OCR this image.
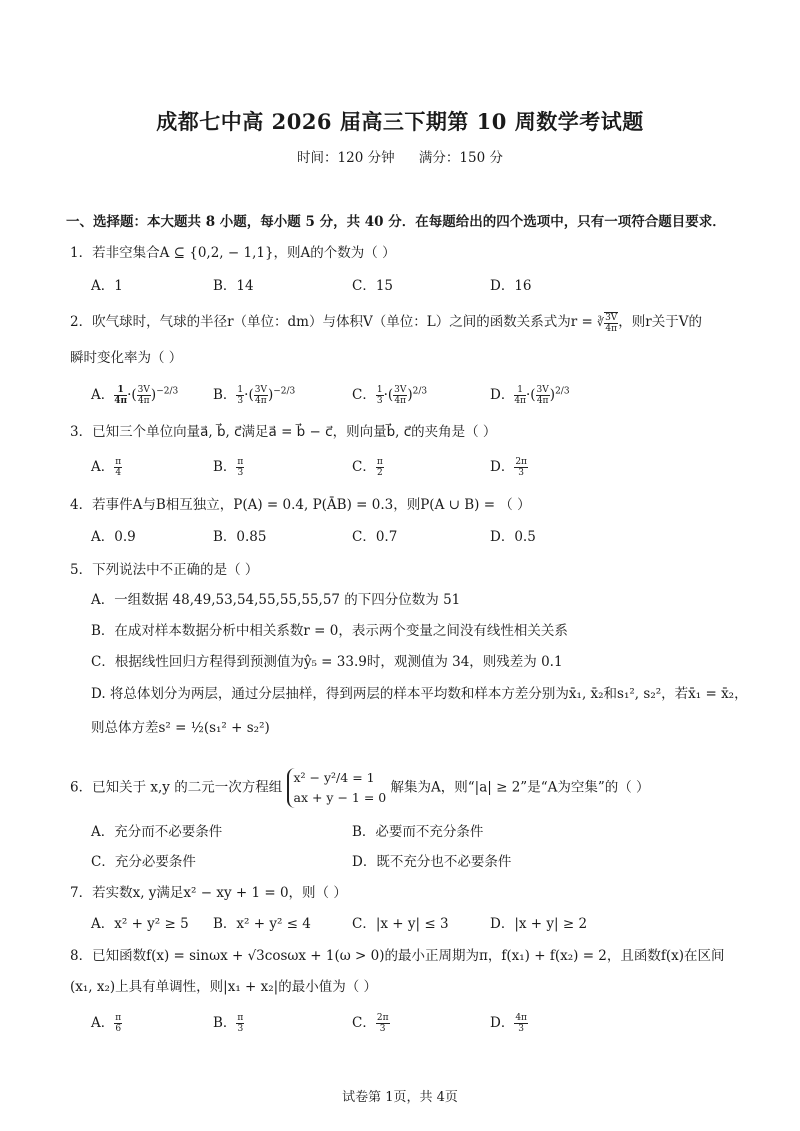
成都七中高 2026 届高三下期第 10 周数学考试题
时间：120 分钟 满分：150 分
一、选择题：本大题共 8 小题，每小题 5 分，共 40 分．在每题给出的四个选项中，只有一项符合题目要求．
1．若非空集合A ⊆ {0,2, − 1,1}，则A的个数为（ ）
A．1	B．14	C．15	D．16
2．吹气球时，气球的半径r（单位：dm）与体积V（单位：L）之间的函数关系式为r = ∛ $\frac{3V}{4\pi}$ ，则r关于V的
瞬时变化率为（ ）
A． $\frac{1}{4\pi}$ ·( $\frac{3V}{4\pi} )^{-2/3}$	B． $\frac{1}{3}$ ·( $\frac{3V}{4\pi} )^{-2/3}$	C． $\frac{1}{3}$ ·( $\frac{3V}{4\pi} )^{2/3}$	D． $\frac{1}{4\pi}$ ·( $\frac{3V}{4\pi} )^{2/3}$
3．已知三个单位向量a⃗, b⃗, c⃗满足a⃗ = b⃗ − c⃗，则向量b⃗, c⃗的夹角是（ ）
A． $\frac{\pi}{4}$	B． $\frac{\pi}{3}$	C． $\frac{\pi}{2}$	D． $\frac{2\pi}{3}$
4．若事件A与B相互独立，P(A) = 0.4, P(ĀB) = 0.3，则P(A ∪ B) = （ ）
A．0.9	B．0.85	C．0.7	D．0.5
5．下列说法中不正确的是（ ）
A．一组数据 48,49,53,54,55,55,55,57 的下四分位数为 51
B．在成对样本数据分析中相关系数r = 0，表示两个变量之间没有线性相关关系
C．根据线性回归方程得到预测值为ŷ₅ = 33.9时，观测值为 34，则残差为 0.1
D. 将总体划分为两层，通过分层抽样，得到两层的样本平均数和样本方差分别为x̄₁, x̄₂和s₁², s₂²，若x̄₁ = x̄₂，
则总体方差s² = ½(s₁² + s₂²)
6．已知关于 x,y 的二元一次方程组
x² − y²/4 = 1
ax + y − 1 = 0
解集为A，则“|a| ≥ 2”是“A为空集”的（ ）
A．充分而不必要条件	B．必要而不充分条件
C．充分必要条件	D．既不充分也不必要条件
7．若实数x, y满足x² − xy + 1 = 0，则（ ）
A．x² + y² ≥ 5 B．x² + y² ≤ 4	C．|x + y| ≤ 3	D．|x + y| ≥ 2
8．已知函数f(x) = sinωx + √3cosωx + 1(ω > 0)的最小正周期为π，f(x₁) + f(x₂) = 2，且函数f(x)在区间
(x₁, x₂)上具有单调性，则|x₁ + x₂|的最小值为（ ）
A． $\frac{\pi}{6}$	B． $\frac{\pi}{3}$	C． $\frac{2\pi}{3}$	D． $\frac{4\pi}{3}$
试卷第 1页，共 4页
